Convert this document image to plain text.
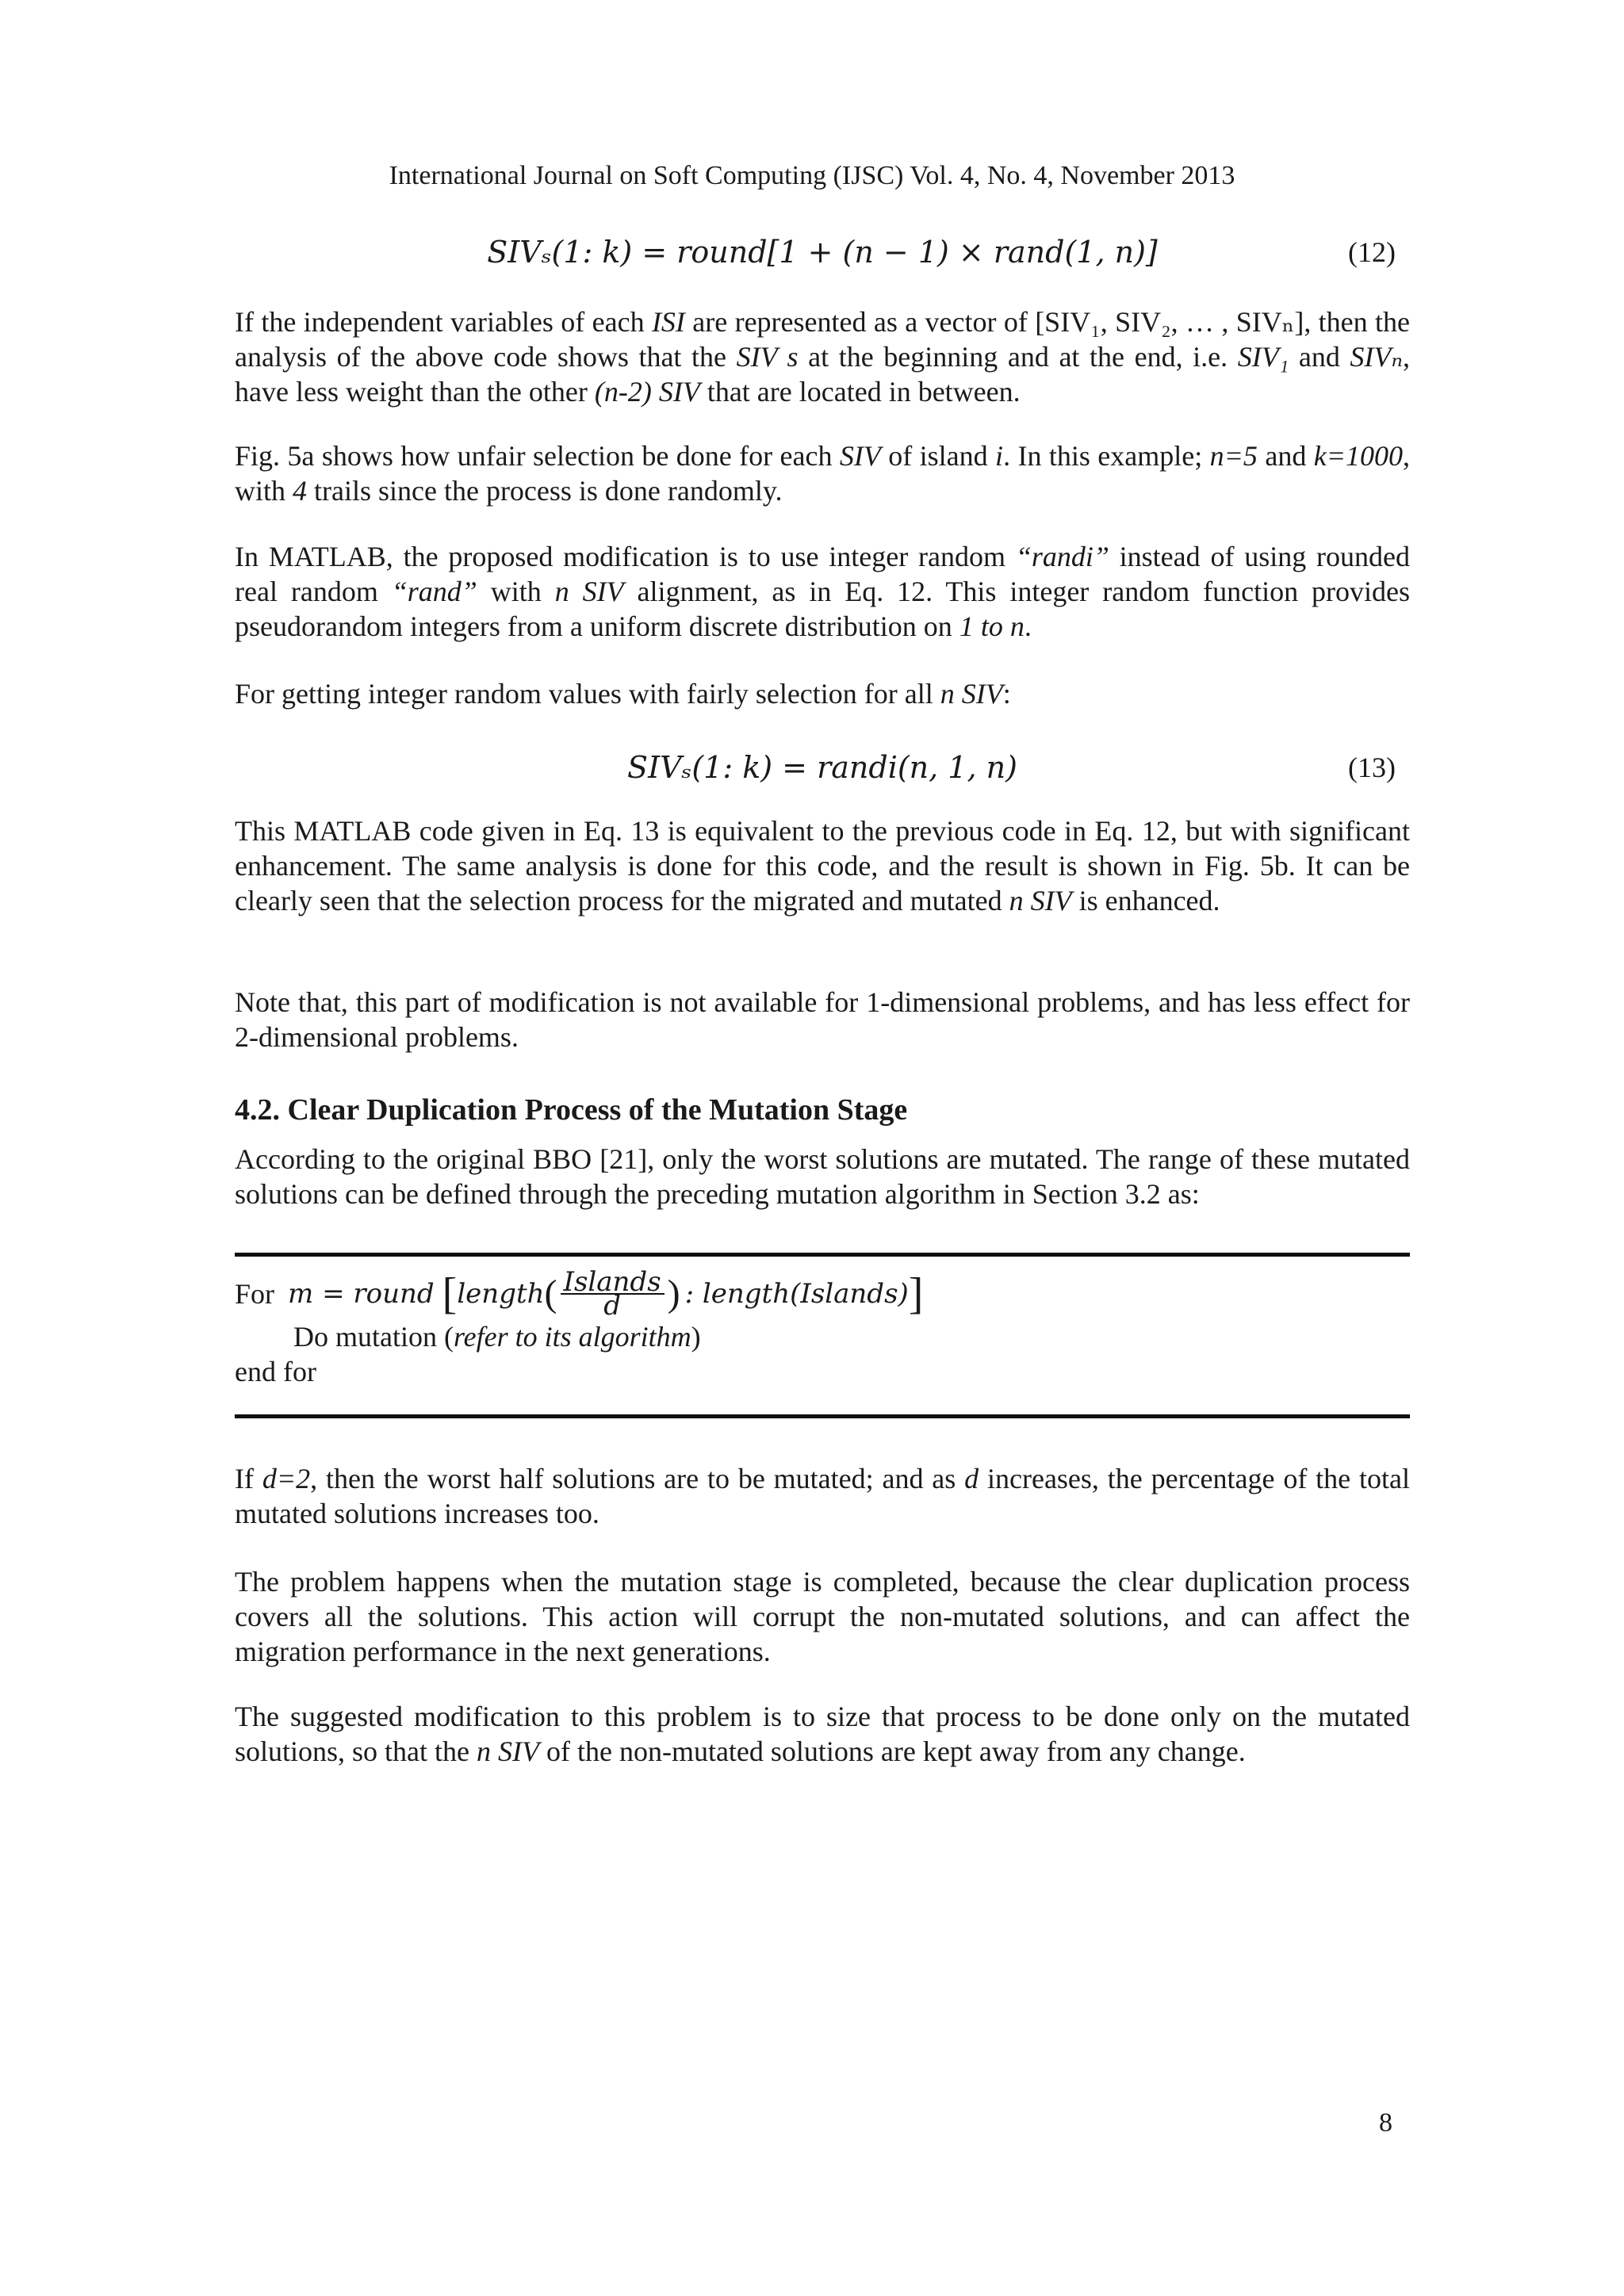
International Journal on Soft Computing (IJSC) Vol. 4, No. 4, November 2013
SIVₛ(1: k) = round[1 + (n − 1) × rand(1, n)]	(12)
If the independent variables of each ISI are represented as a vector of [SIV₁, SIV₂, … , SIVₙ], then the analysis of the above code shows that the SIV s at the beginning and at the end, i.e. SIV₁ and SIVₙ, have less weight than the other (n-2) SIV that are located in between.
Fig. 5a shows how unfair selection be done for each SIV of island i. In this example; n=5 and k=1000, with 4 trails since the process is done randomly.
In MATLAB, the proposed modification is to use integer random “randi” instead of using rounded real random “rand” with n SIV alignment, as in Eq. 12. This integer random function provides pseudorandom integers from a uniform discrete distribution on 1 to n.
For getting integer random values with fairly selection for all n SIV:
SIVₛ(1: k) = randi(n, 1, n)	(13)
This MATLAB code given in Eq. 13 is equivalent to the previous code in Eq. 12, but with significant enhancement. The same analysis is done for this code, and the result is shown in Fig. 5b. It can be clearly seen that the selection process for the migrated and mutated n SIV is enhanced.
Note that, this part of modification is not available for 1-dimensional problems, and has less effect for 2-dimensional problems.
4.2. Clear Duplication Process of the Mutation Stage
According to the original BBO [21], only the worst solutions are mutated. The range of these mutated solutions can be defined through the preceding mutation algorithm in Section 3.2 as:
For m = round [ length ( $\frac{\text{Islands}}{d}$ ) : length(Islands) ]
Do mutation (refer to its algorithm)
end for
If d=2, then the worst half solutions are to be mutated; and as d increases, the percentage of the total mutated solutions increases too.
The problem happens when the mutation stage is completed, because the clear duplication process covers all the solutions. This action will corrupt the non-mutated solutions, and can affect the migration performance in the next generations.
The suggested modification to this problem is to size that process to be done only on the mutated solutions, so that the n SIV of the non-mutated solutions are kept away from any change.
8
